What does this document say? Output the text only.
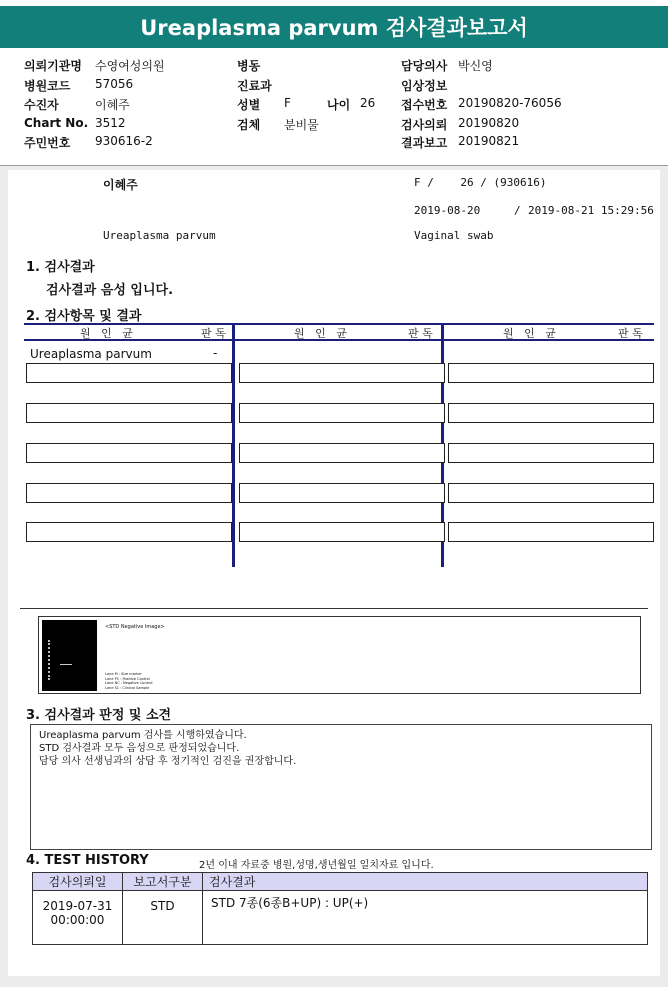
Ureaplasma parvum 검사결과보고서
의뢰기관명 수영여성의원
병원코드 57056
수진자	이혜주
Chart No. 3512
주민번호 930616-2
병동
진료과
성별 F	나이 26
검체 분비물
담당의사 박신영
임상정보
접수번호 20190820-76056
검사의뢰 20190820
결과보고 20190821
이혜주	F /    26 / (930616)
2019-08-20	/ 2019-08-21 15:29:56
Ureaplasma parvum	Vaginal swab
1. 검사결과
검사결과 음성 입니다.
2. 검사항목 및 결과
원   인   균	판 독	원   인   균	판 독	원   인   균	판 독
Ureaplasma parvum	-
<STD Negative Image>
Lane M : Size marker
Lane PC : Positive Control
Lane NC : Negative Control
Lane S1 : Clinical Sample
3. 검사결과 판정 및 소견
Ureaplasma parvum 검사를 시행하였습니다.
STD 검사결과 모두 음성으로 판정되었습니다.
담당 의사 선생님과의 상담 후 정기적인 검진을 권장합니다.
4. TEST HISTORY	2년 이내 자료중 병원,성명,생년월일 일치자료 입니다.
검사의뢰일	보고서구분	검사결과

2019-07-31
00:00:00	STD	STD 7종(6종B+UP) : UP(+)
